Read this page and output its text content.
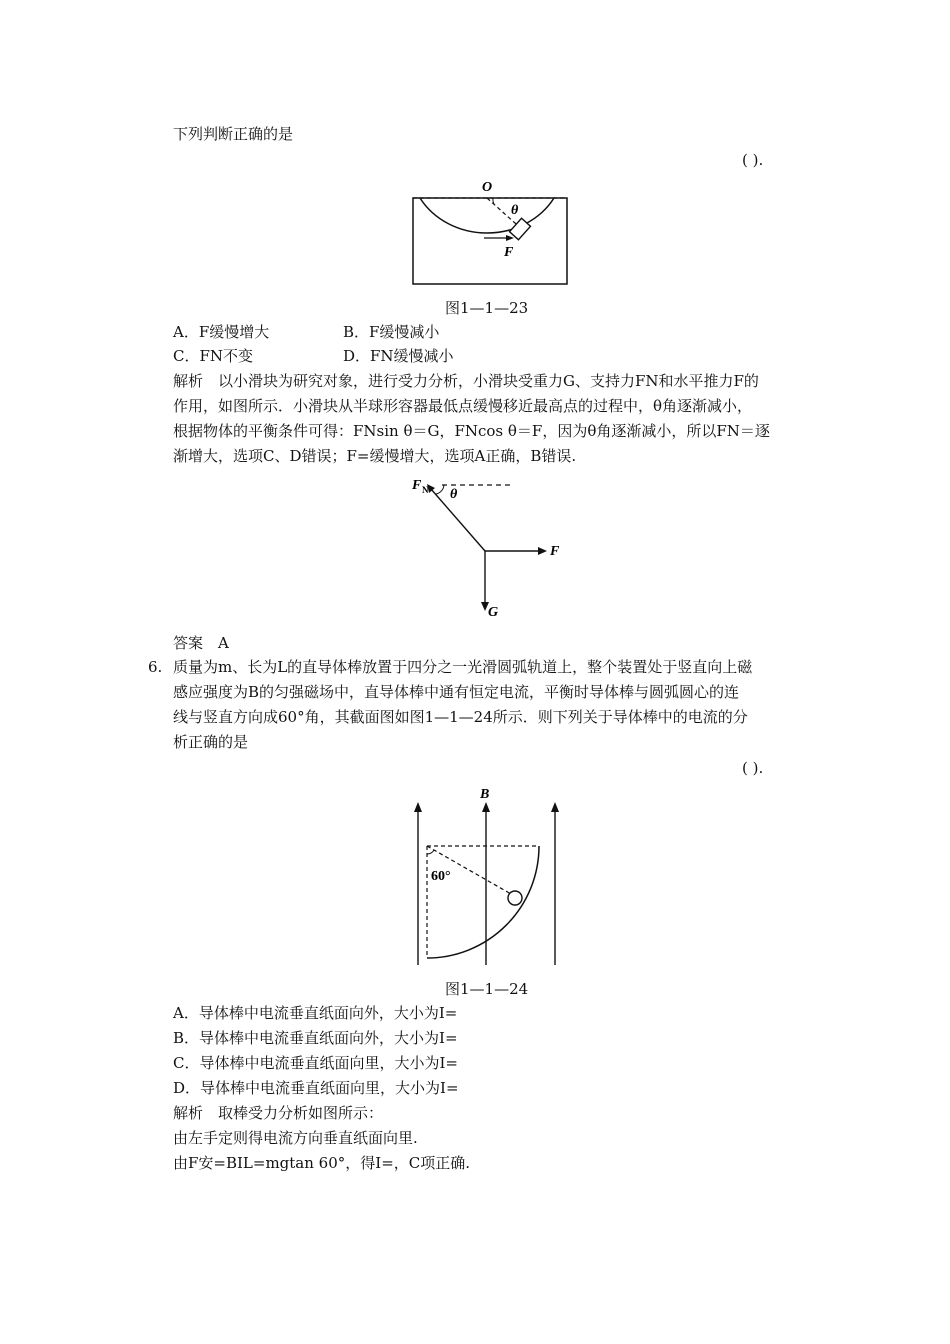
下列判断正确的是
( ).
O
θ
F
图1—1—23
A．F缓慢增大	B．F缓慢减小
C．FN不变	D．FN缓慢减小
解析　以小滑块为研究对象，进行受力分析，小滑块受重力G、支持力FN和水平推力F的
作用，如图所示．小滑块从半球形容器最低点缓慢移近最高点的过程中，θ角逐渐减小，
根据物体的平衡条件可得：FNsin θ＝G，FNcos θ＝F，因为θ角逐渐减小，所以FN＝逐
渐增大，选项C、D错误；F=缓慢增大，选项A正确，B错误.
F N θ
F
G
答案　A
6. 质量为m、长为L的直导体棒放置于四分之一光滑圆弧轨道上，整个装置处于竖直向上磁
感应强度为B的匀强磁场中，直导体棒中通有恒定电流，平衡时导体棒与圆弧圆心的连
线与竖直方向成60°角，其截面图如图1—1—24所示．则下列关于导体棒中的电流的分
析正确的是
( ).
B
60°
图1—1—24
A．导体棒中电流垂直纸面向外，大小为I=
B．导体棒中电流垂直纸面向外，大小为I=
C．导体棒中电流垂直纸面向里，大小为I=
D．导体棒中电流垂直纸面向里，大小为I=
解析　取棒受力分析如图所示：
由左手定则得电流方向垂直纸面向里.
由F安=BIL=mgtan 60°，得I=，C项正确.
